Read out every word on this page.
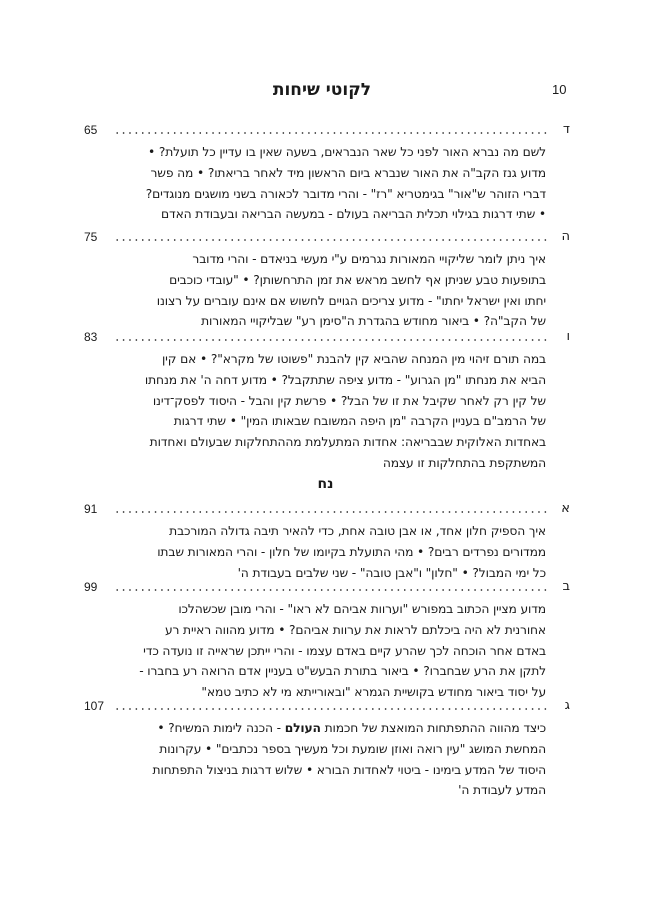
10
לקוטי שיחות
ד
65
לשם מה נברא האור לפני כל שאר הנבראים, בשעה שאין בו עדיין כל תועלת? •
מדוע גנז הקב"ה את האור שנברא ביום הראשון מיד לאחר בריאתו? • מה פשר
דברי הזוהר ש"אור" בגימטריא "רז" - והרי מדובר לכאורה בשני מושגים מנוגדים?
• שתי דרגות בגילוי תכלית הבריאה בעולם - במעשה הבריאה ובעבודת האדם
ה
75
איך ניתן לומר שליקויי המאורות נגרמים ע"י מעשי בניאדם - והרי מדובר
בתופעות טבע שניתן אף לחשב מראש את זמן התרחשותן? • "עובדי כוכבים
יחתו ואין ישראל יחתו" - מדוע צריכים הגויים לחשוש אם אינם עוברים על רצונו
של הקב"ה? • ביאור מחודש בהגדרת ה"סימן רע" שבליקויי המאורות
ו
83
במה תורם זיהוי מין המנחה שהביא קין להבנת "פשוטו של מקרא"? • אם קין
הביא את מנחתו "מן הגרוע" - מדוע ציפה שתתקבל? • מדוע דחה ה' את מנחתו
של קין רק לאחר שקיבל את זו של הבל? • פרשת קין והבל - היסוד לפסק־דינו
של הרמב"ם בעניין הקרבה "מן היפה המשובח שבאותו המין" • שתי דרגות
באחדות האלוקית שבבריאה: אחדות המתעלמת מההתחלקות שבעולם ואחדות
המשתקפת בהתחלקות זו עצמה
נח
א
91
איך הספיק חלון אחד, או אבן טובה אחת, כדי להאיר תיבה גדולה המורכבת
ממדורים נפרדים רבים? • מהי התועלת בקיומו של חלון - והרי המאורות שבתו
כל ימי המבול? • "חלון" ו"אבן טובה" - שני שלבים בעבודת ה'
ב
99
מדוע מציין הכתוב במפורש "וערוות אביהם לא ראו" - והרי מובן שכשהלכו
אחורנית לא היה ביכלתם לראות את ערוות אביהם? • מדוע מהווה ראיית רע
באדם אחר הוכחה לכך שהרע קיים באדם עצמו - והרי ייתכן שראייה זו נועדה כדי
לתקן את הרע שבחברו? • ביאור בתורת הבעש"ט בעניין אדם הרואה רע בחברו -
על יסוד ביאור מחודש בקושיית הגמרא "ובאורייתא מי לא כתיב טמא"
ג
107
כיצד מהווה ההתפתחות המואצת של חכמות העולם - הכנה לימות המשיח? •
המחשת המושג "עין רואה ואוזן שומעת וכל מעשיך בספר נכתבים" • עקרונות
היסוד של המדע בימינו - ביטוי לאחדות הבורא • שלוש דרגות בניצול התפתחות
המדע לעבודת ה'
